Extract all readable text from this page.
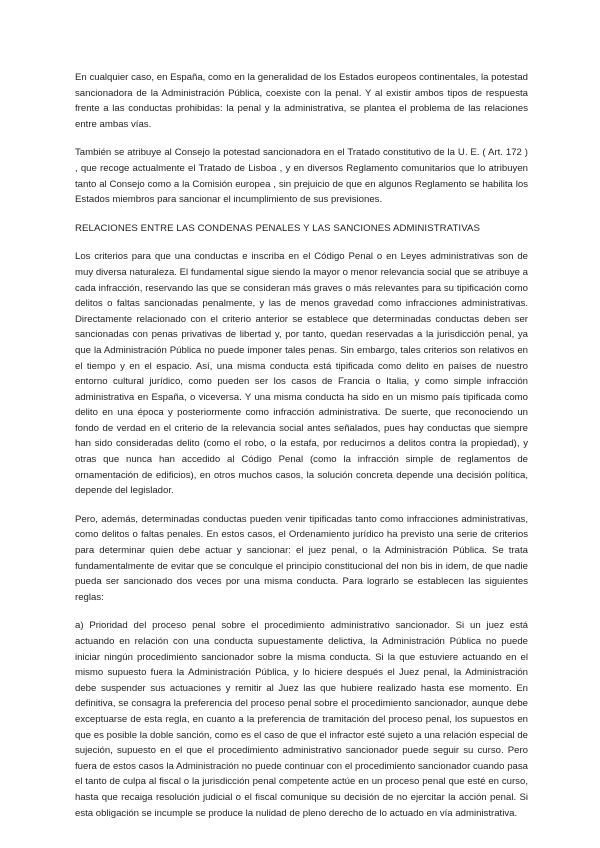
En cualquier caso, en España, como en la generalidad de los Estados europeos continentales, la potestad sancionadora de la Administración Pública, coexiste con la penal. Y al existir ambos tipos de respuesta frente a las conductas prohibidas: la penal y la administrativa, se plantea el problema de las relaciones entre ambas vías.

También se atribuye al Consejo la potestad sancionadora en el Tratado constitutivo de la U. E. ( Art. 172 ) , que recoge actualmente el Tratado de Lisboa , y en diversos Reglamento comunitarios que lo atribuyen tanto al Consejo como a la Comisión europea , sin prejuicio de que en algunos Reglamento se habilita los Estados miembros para sancionar el incumplimiento de sus previsiones.

RELACIONES ENTRE LAS CONDENAS PENALES Y LAS SANCIONES ADMINISTRATIVAS

Los criterios para que una conductas e inscriba en el Código Penal o en Leyes administrativas son de muy diversa naturaleza. El fundamental sigue siendo la mayor o menor relevancia social que se atribuye a cada infracción, reservando las que se consideran más graves o más relevantes para su tipificación como delitos o faltas sancionadas penalmente, y las de menos gravedad como infracciones administrativas. Directamente relacionado con el criterio anterior se establece que determinadas conductas deben ser sancionadas con penas privativas de libertad y, por tanto, quedan reservadas a la jurisdicción penal, ya que la Administración Pública no puede imponer tales penas. Sin embargo, tales criterios son relativos en el tiempo y en el espacio. Así, una misma conducta está tipificada como delito en países de nuestro entorno cultural jurídico, como pueden ser los casos de Francia o Italia, y como simple infracción administrativa en España, o viceversa. Y una misma conducta ha sido en un mismo país tipificada como delito en una época y posteriormente como infracción administrativa. De suerte, que reconociendo un fondo de verdad en el criterio de la relevancia social antes señalados, pues hay conductas que siempre han sido consideradas delito (como el robo, o la estafa, por reducirnos a delitos contra la propiedad), y otras que nunca han accedido al Código Penal (como la infracción simple de reglamentos de ornamentación de edificios), en otros muchos casos, la solución concreta depende una decisión política, depende del legislador.

Pero, además, determinadas conductas pueden venir tipificadas tanto como infracciones administrativas, como delitos o faltas penales. En estos casos, el Ordenamiento jurídico ha previsto una serie de criterios para determinar quien debe actuar y sancionar: el juez penal, o la Administración Pública. Se trata fundamentalmente de evitar que se conculque el principio constitucional del non bis in idem, de que nadie pueda ser sancionado dos veces por una misma conducta. Para lograrlo se establecen las siguientes reglas:

a) Prioridad del proceso penal sobre el procedimiento administrativo sancionador. Si un juez está actuando en relación con una conducta supuestamente delictiva, la Administración Pública no puede iniciar ningún procedimiento sancionador sobre la misma conducta. Si la que estuviere actuando en el mismo supuesto fuera la Administración Pública, y lo hiciere después el Juez penal, la Administración debe suspender sus actuaciones y remitir al Juez las que hubiere realizado hasta ese momento. En definitiva, se consagra la preferencia del proceso penal sobre el procedimiento sancionador, aunque debe exceptuarse de esta regla, en cuanto a la preferencia de tramitación del proceso penal, los supuestos en que es posible la doble sanción, como es el caso de que el infractor esté sujeto a una relación especial de sujeción, supuesto en el que el procedimiento administrativo sancionador puede seguir su curso. Pero fuera de estos casos la Administración no puede continuar con el procedimiento sancionador cuando pasa el tanto de culpa al fiscal o la jurisdicción penal competente actúe en un proceso penal que esté en curso, hasta que recaiga resolución judicial o el fiscal comunique su decisión de no ejercitar la acción penal. Si esta obligación se incumple se produce la nulidad de pleno derecho de lo actuado en vía administrativa.
